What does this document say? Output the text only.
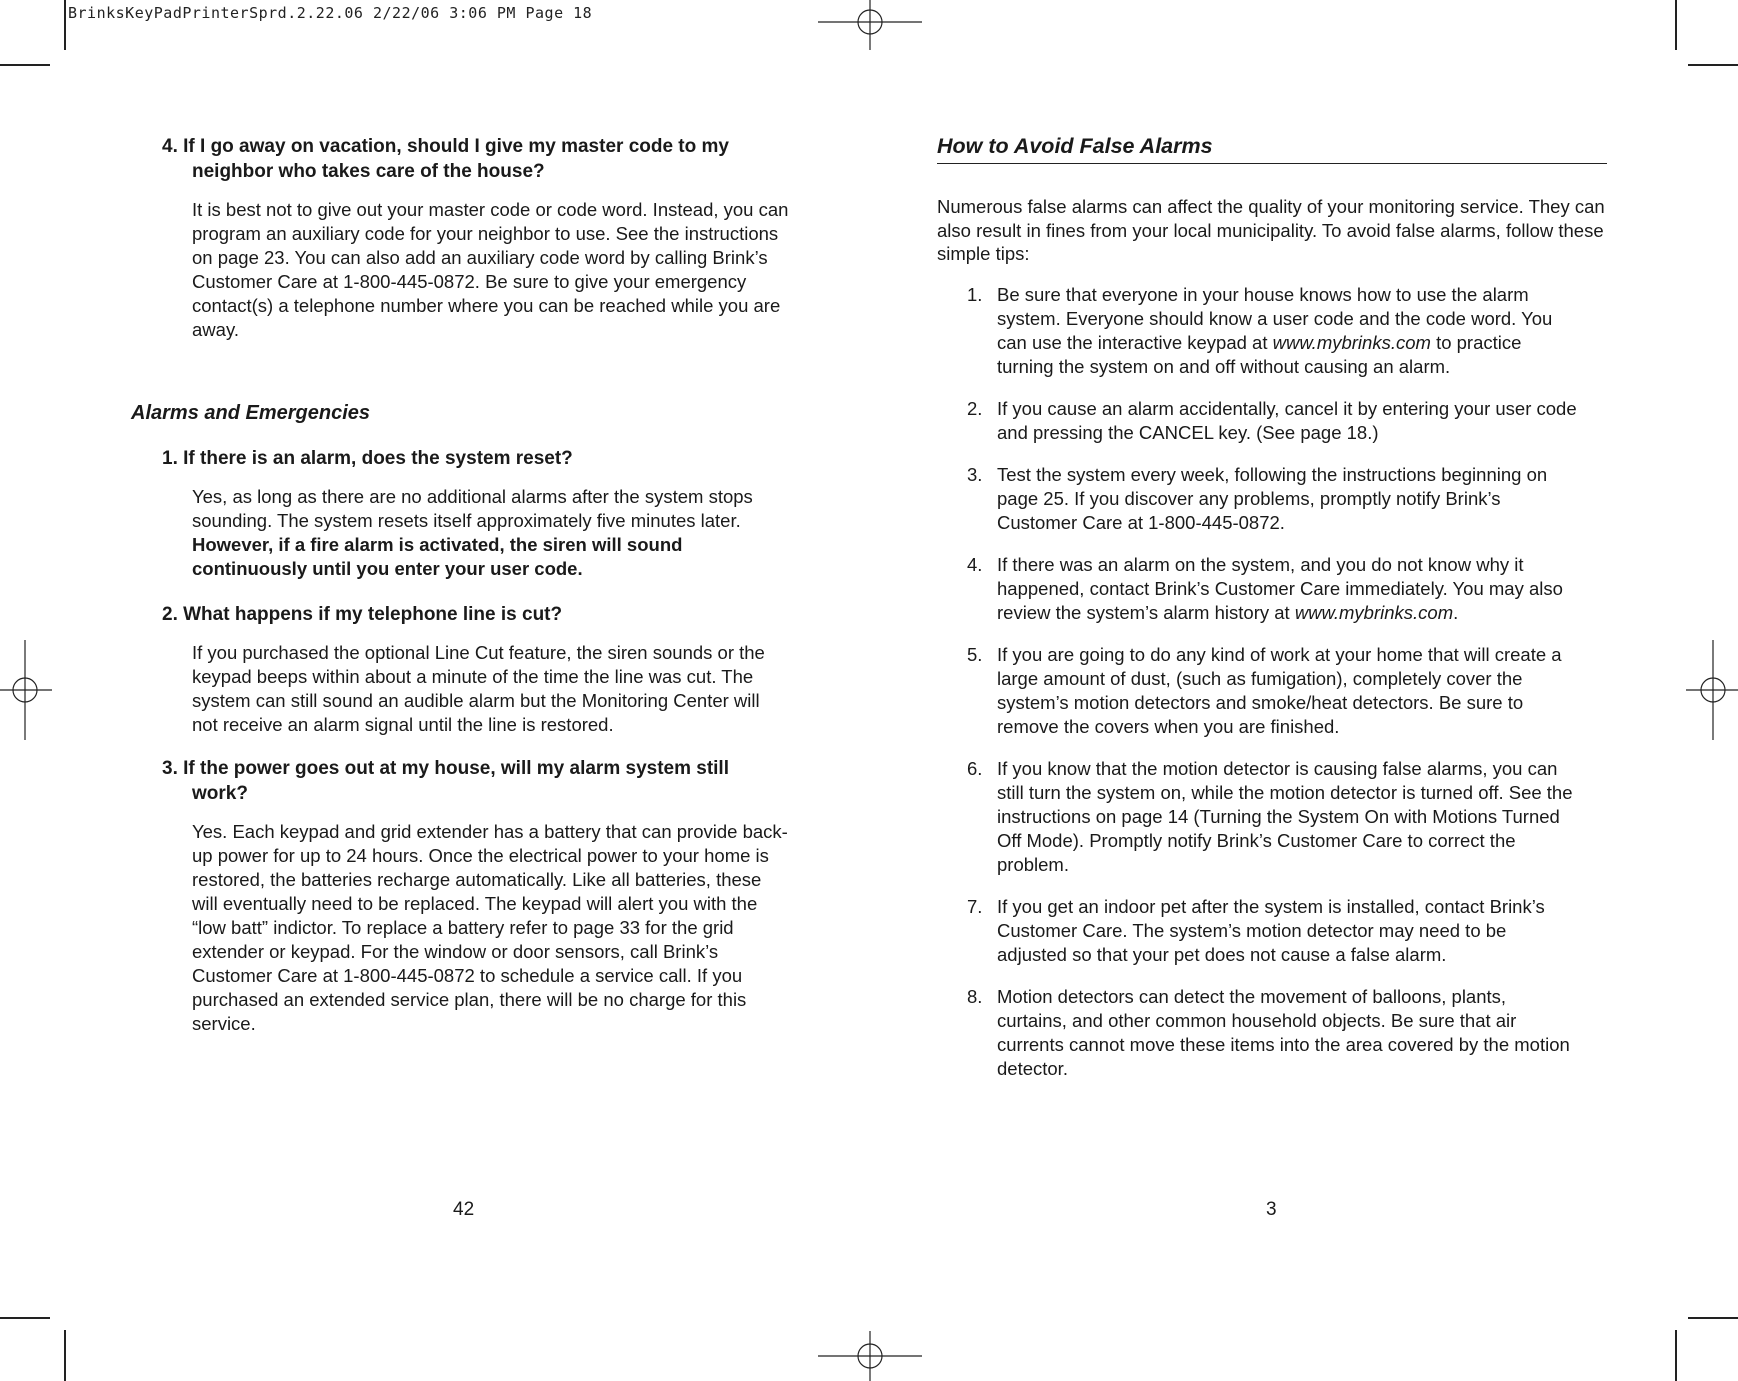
BrinksKeyPadPrinterSprd.2.22.06 2/22/06 3:06 PM Page 18

4. If I go away on vacation, should I give my master code to my neighbor who takes care of the house?

It is best not to give out your master code or code word. Instead, you can program an auxiliary code for your neighbor to use. See the instructions on page 23. You can also add an auxiliary code word by calling Brink’s Customer Care at 1-800-445-0872. Be sure to give your emergency contact(s) a telephone number where you can be reached while you are away.

Alarms and Emergencies

1. If there is an alarm, does the system reset?

Yes, as long as there are no additional alarms after the system stops sounding. The system resets itself approximately five minutes later. However, if a fire alarm is activated, the siren will sound continuously until you enter your user code.

2. What happens if my telephone line is cut?

If you purchased the optional Line Cut feature, the siren sounds or the keypad beeps within about a minute of the time the line was cut. The system can still sound an audible alarm but the Monitoring Center will not receive an alarm signal until the line is restored.

3. If the power goes out at my house, will my alarm system still work?

Yes. Each keypad and grid extender has a battery that can provide back-up power for up to 24 hours. Once the electrical power to your home is restored, the batteries recharge automatically. Like all batteries, these will eventually need to be replaced. The keypad will alert you with the “low batt” indictor. To replace a battery refer to page 33 for the grid extender or keypad. For the window or door sensors, call Brink’s Customer Care at 1-800-445-0872 to schedule a service call. If you purchased an extended service plan, there will be no charge for this service.

42

How to Avoid False Alarms

Numerous false alarms can affect the quality of your monitoring service. They can also result in fines from your local municipality. To avoid false alarms, follow these simple tips:

1. Be sure that everyone in your house knows how to use the alarm system. Everyone should know a user code and the code word. You can use the interactive keypad at www.mybrinks.com to practice turning the system on and off without causing an alarm.

2. If you cause an alarm accidentally, cancel it by entering your user code and pressing the CANCEL key. (See page 18.)

3. Test the system every week, following the instructions beginning on page 25. If you discover any problems, promptly notify Brink’s Customer Care at 1-800-445-0872.

4. If there was an alarm on the system, and you do not know why it happened, contact Brink’s Customer Care immediately. You may also review the system’s alarm history at www.mybrinks.com.

5. If you are going to do any kind of work at your home that will create a large amount of dust, (such as fumigation), completely cover the system’s motion detectors and smoke/heat detectors. Be sure to remove the covers when you are finished.

6. If you know that the motion detector is causing false alarms, you can still turn the system on, while the motion detector is turned off. See the instructions on page 14 (Turning the System On with Motions Turned Off Mode). Promptly notify Brink’s Customer Care to correct the problem.

7. If you get an indoor pet after the system is installed, contact Brink’s Customer Care. The system’s motion detector may need to be adjusted so that your pet does not cause a false alarm.

8. Motion detectors can detect the movement of balloons, plants, curtains, and other common household objects. Be sure that air currents cannot move these items into the area covered by the motion detector.

3
